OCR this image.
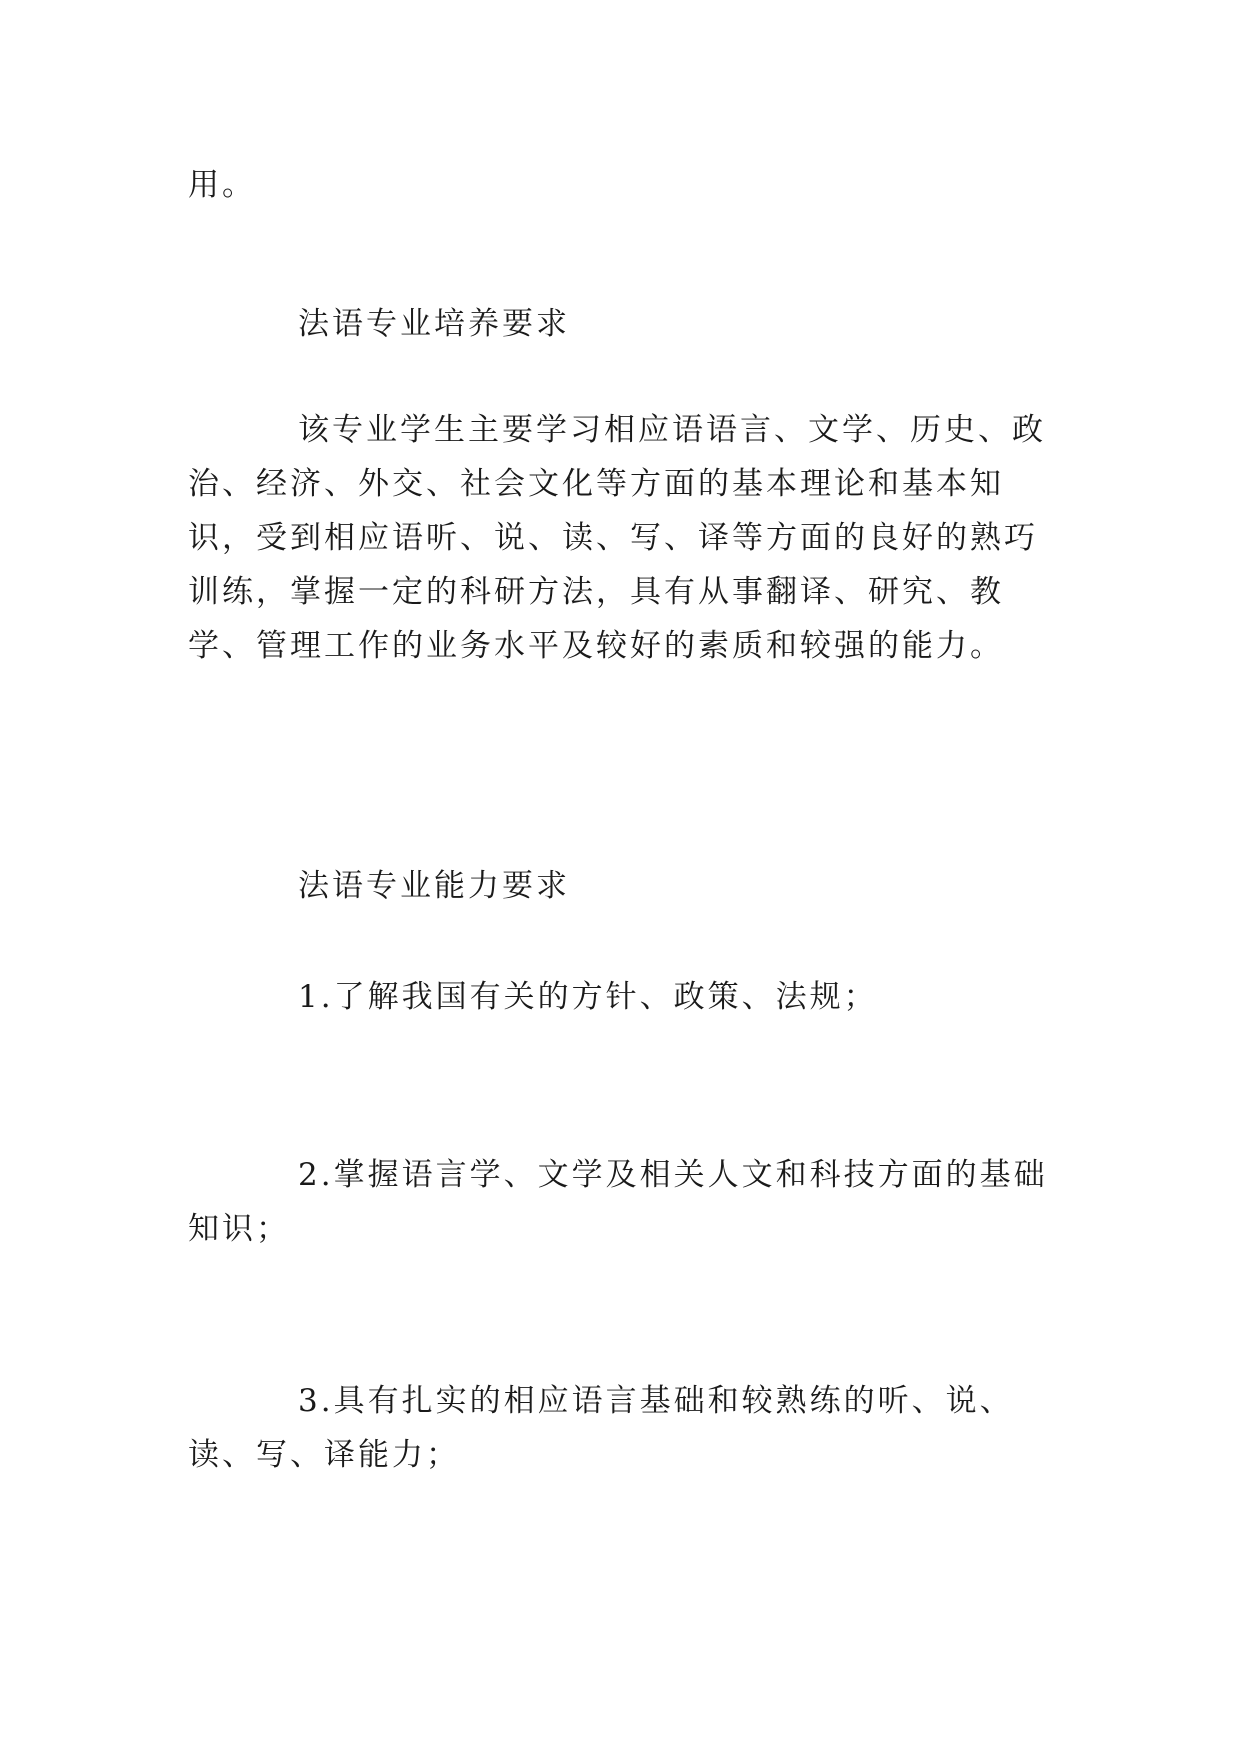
用。

法语专业培养要求

该专业学生主要学习相应语语言、文学、历史、政治、经济、外交、社会文化等方面的基本理论和基本知识，受到相应语听、说、读、写、译等方面的良好的熟巧训练，掌握一定的科研方法，具有从事翻译、研究、教学、管理工作的业务水平及较好的素质和较强的能力。

法语专业能力要求

1.了解我国有关的方针、政策、法规；

2.掌握语言学、文学及相关人文和科技方面的基础知识；

3.具有扎实的相应语言基础和较熟练的听、说、读、写、译能力；
